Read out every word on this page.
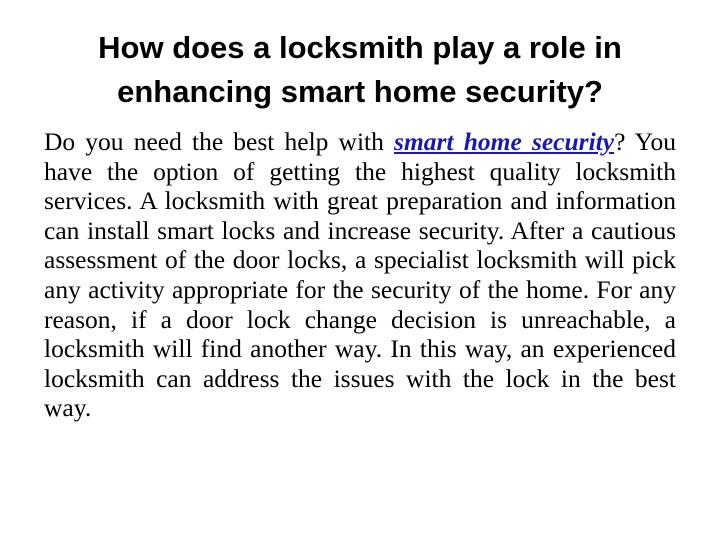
How does a locksmith play a role in enhancing smart home security?

Do you need the best help with smart home security? You have the option of getting the highest quality locksmith services. A locksmith with great preparation and information can install smart locks and increase security. After a cautious assessment of the door locks, a specialist locksmith will pick any activity appropriate for the security of the home. For any reason, if a door lock change decision is unreachable, a locksmith will find another way. In this way, an experienced locksmith can address the issues with the lock in the best way.
